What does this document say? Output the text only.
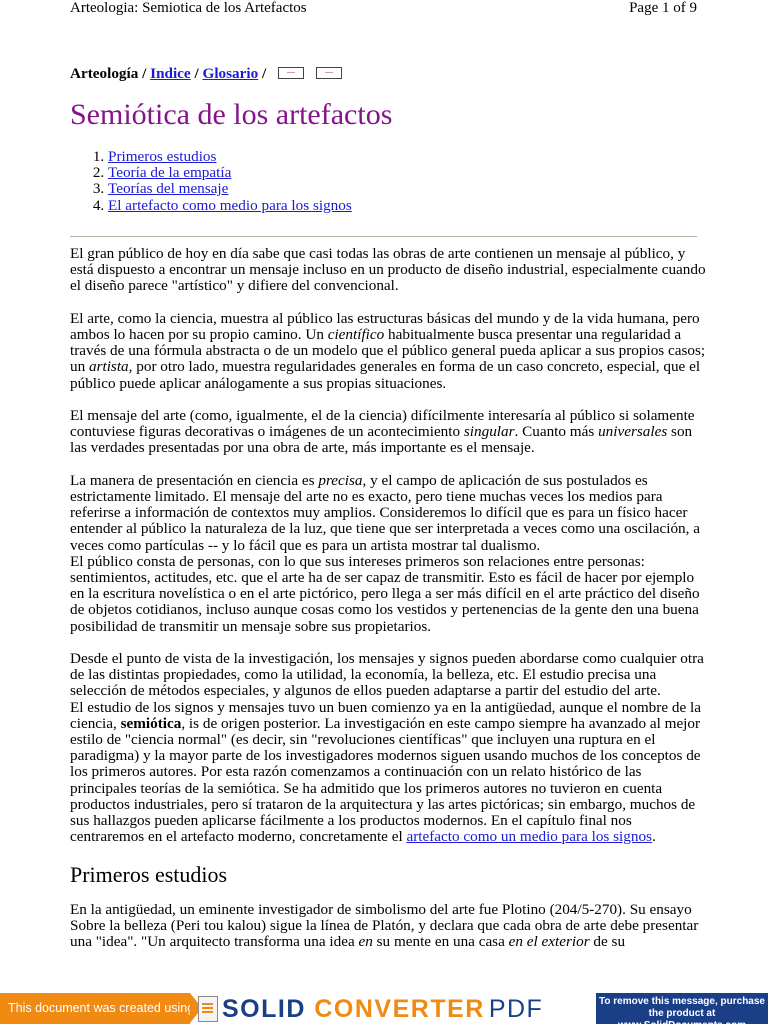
Arteologia: Semiotica de los Artefactos	Page 1 of 9
Arteología / Indice / Glosario /

Semiótica de los artefactos
1. Primeros estudios
2. Teoría de la empatía
3. Teorías del mensaje
4. El artefacto como medio para los signos

El gran público de hoy en día sabe que casi todas las obras de arte contienen un mensaje al público, y está dispuesto a encontrar un mensaje incluso en un producto de diseño industrial, especialmente cuando el diseño parece "artístico" y difiere del convencional.

El arte, como la ciencia, muestra al público las estructuras básicas del mundo y de la vida humana, pero ambos lo hacen por su propio camino. Un científico habitualmente busca presentar una regularidad a través de una fórmula abstracta o de un modelo que el público general pueda aplicar a sus propios casos; un artista, por otro lado, muestra regularidades generales en forma de un caso concreto, especial, que el público puede aplicar análogamente a sus propias situaciones.

El mensaje del arte (como, igualmente, el de la ciencia) difícilmente interesaría al público si solamente contuviese figuras decorativas o imágenes de un acontecimiento singular. Cuanto más universales son las verdades presentadas por una obra de arte, más importante es el mensaje.

La manera de presentación en ciencia es precisa, y el campo de aplicación de sus postulados es estrictamente limitado. El mensaje del arte no es exacto, pero tiene muchas veces los medios para referirse a información de contextos muy amplios. Consideremos lo difícil que es para un físico hacer entender al público la naturaleza de la luz, que tiene que ser interpretada a veces como una oscilación, a veces como partículas -- y lo fácil que es para un artista mostrar tal dualismo.

El público consta de personas, con lo que sus intereses primeros son relaciones entre personas: sentimientos, actitudes, etc. que el arte ha de ser capaz de transmitir. Esto es fácil de hacer por ejemplo en la escritura novelística o en el arte pictórico, pero llega a ser más difícil en el arte práctico del diseño de objetos cotidianos, incluso aunque cosas como los vestidos y pertenencias de la gente den una buena posibilidad de transmitir un mensaje sobre sus propietarios.

Desde el punto de vista de la investigación, los mensajes y signos pueden abordarse como cualquier otra de las distintas propiedades, como la utilidad, la economía, la belleza, etc. El estudio precisa una selección de métodos especiales, y algunos de ellos pueden adaptarse a partir del estudio del arte.

El estudio de los signos y mensajes tuvo un buen comienzo ya en la antigüedad, aunque el nombre de la ciencia, semiótica, is de origen posterior. La investigación en este campo siempre ha avanzado al mejor estilo de "ciencia normal" (es decir, sin "revoluciones científicas" que incluyen una ruptura en el paradigma) y la mayor parte de los investigadores modernos siguen usando muchos de los conceptos de los primeros autores. Por esta razón comenzamos a continuación con un relato histórico de las principales teorías de la semiótica. Se ha admitido que los primeros autores no tuvieron en cuenta productos industriales, pero sí trataron de la arquitectura y las artes pictóricas; sin embargo, muchos de sus hallazgos pueden aplicarse fácilmente a los productos modernos. En el capítulo final nos centraremos en el artefacto moderno, concretamente el artefacto como un medio para los signos.

Primeros estudios

En la antigüedad, un eminente investigador de simbolismo del arte fue Plotino (204/5-270). Su ensayo Sobre la belleza (Peri tou kalou) sigue la línea de Platón, y declara que cada obra de arte debe presentar una "idea". "Un arquitecto transforma una idea en su mente en una casa en el exterior de su

This document was created using SOLID CONVERTER PDF	To remove this message, purchase the product at www.SolidDocuments.com
